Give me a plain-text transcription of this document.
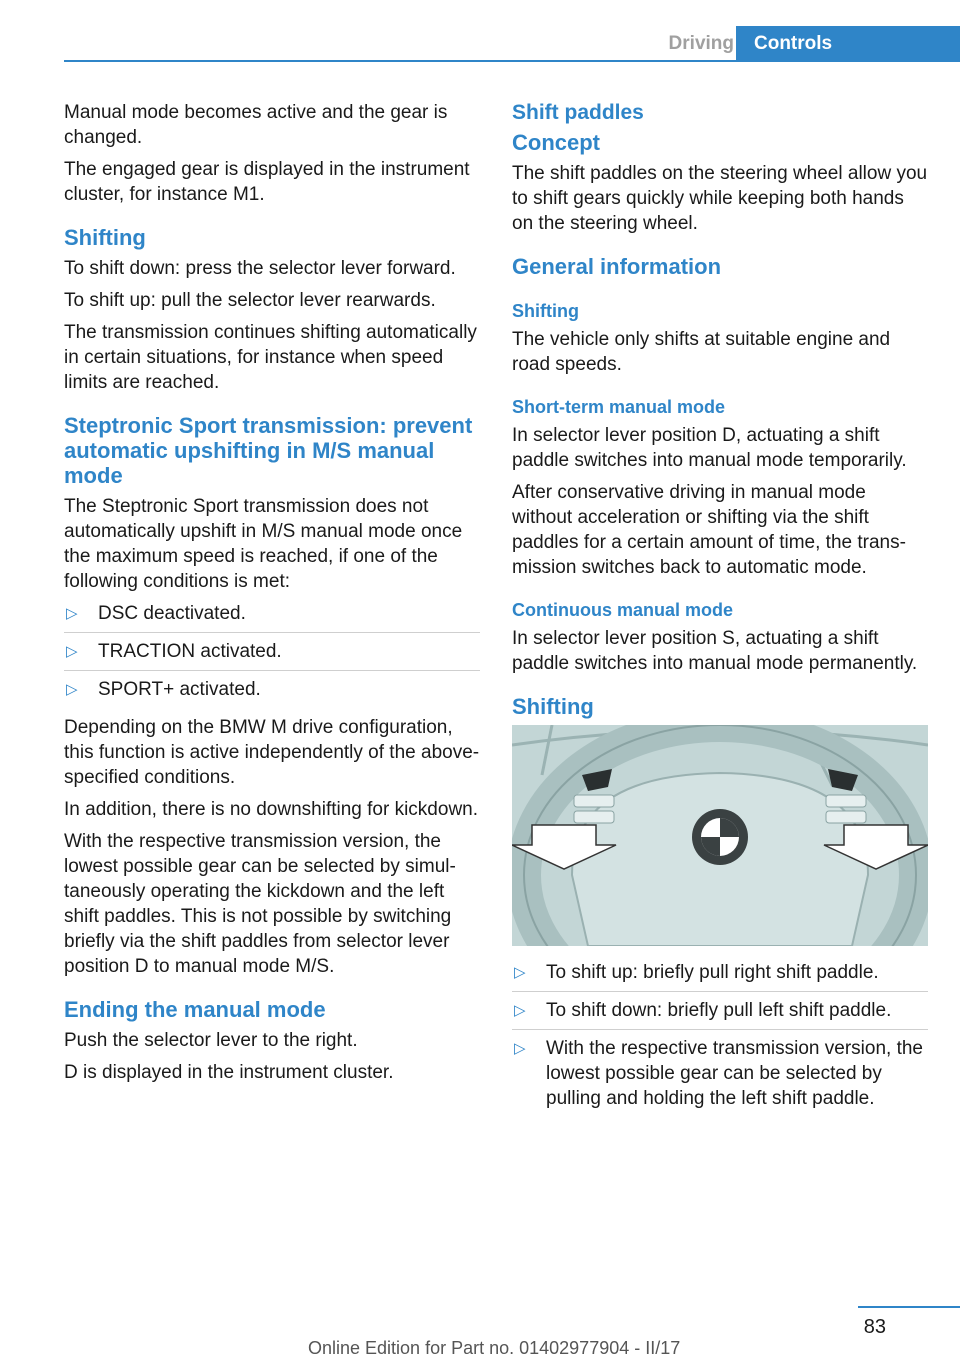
Driving	Controls

Manual mode becomes active and the gear is changed.

The engaged gear is displayed in the instrument cluster, for instance M1.

Shifting

To shift down: press the selector lever forward.

To shift up: pull the selector lever rearwards.

The transmission continues shifting automatically in certain situations, for instance when speed limits are reached.

Steptronic Sport transmission: prevent automatic upshifting in M/S manual mode

The Steptronic Sport transmission does not automatically upshift in M/S manual mode once the maximum speed is reached, if one of the following conditions is met:

▷ DSC deactivated.
▷ TRACTION activated.
▷ SPORT+ activated.

Depending on the BMW M drive configuration, this function is active independently of the above-specified conditions.

In addition, there is no downshifting for kickdown.

With the respective transmission version, the lowest possible gear can be selected by simultaneously operating the kickdown and the left shift paddles. This is not possible by switching briefly via the shift paddles from selector lever position D to manual mode M/S.

Ending the manual mode

Push the selector lever to the right.

D is displayed in the instrument cluster.

Shift paddles
Concept

The shift paddles on the steering wheel allow you to shift gears quickly while keeping both hands on the steering wheel.

General information
Shifting

The vehicle only shifts at suitable engine and road speeds.

Short-term manual mode

In selector lever position D, actuating a shift paddle switches into manual mode temporarily.

After conservative driving in manual mode without acceleration or shifting via the shift paddles for a certain amount of time, the transmission switches back to automatic mode.

Continuous manual mode

In selector lever position S, actuating a shift paddle switches into manual mode permanently.

Shifting
▷ To shift up: briefly pull right shift paddle.
▷ To shift down: briefly pull left shift paddle.
▷ With the respective transmission version, the lowest possible gear can be selected by pulling and holding the left shift paddle.
83
Online Edition for Part no. 01402977904 - II/17
